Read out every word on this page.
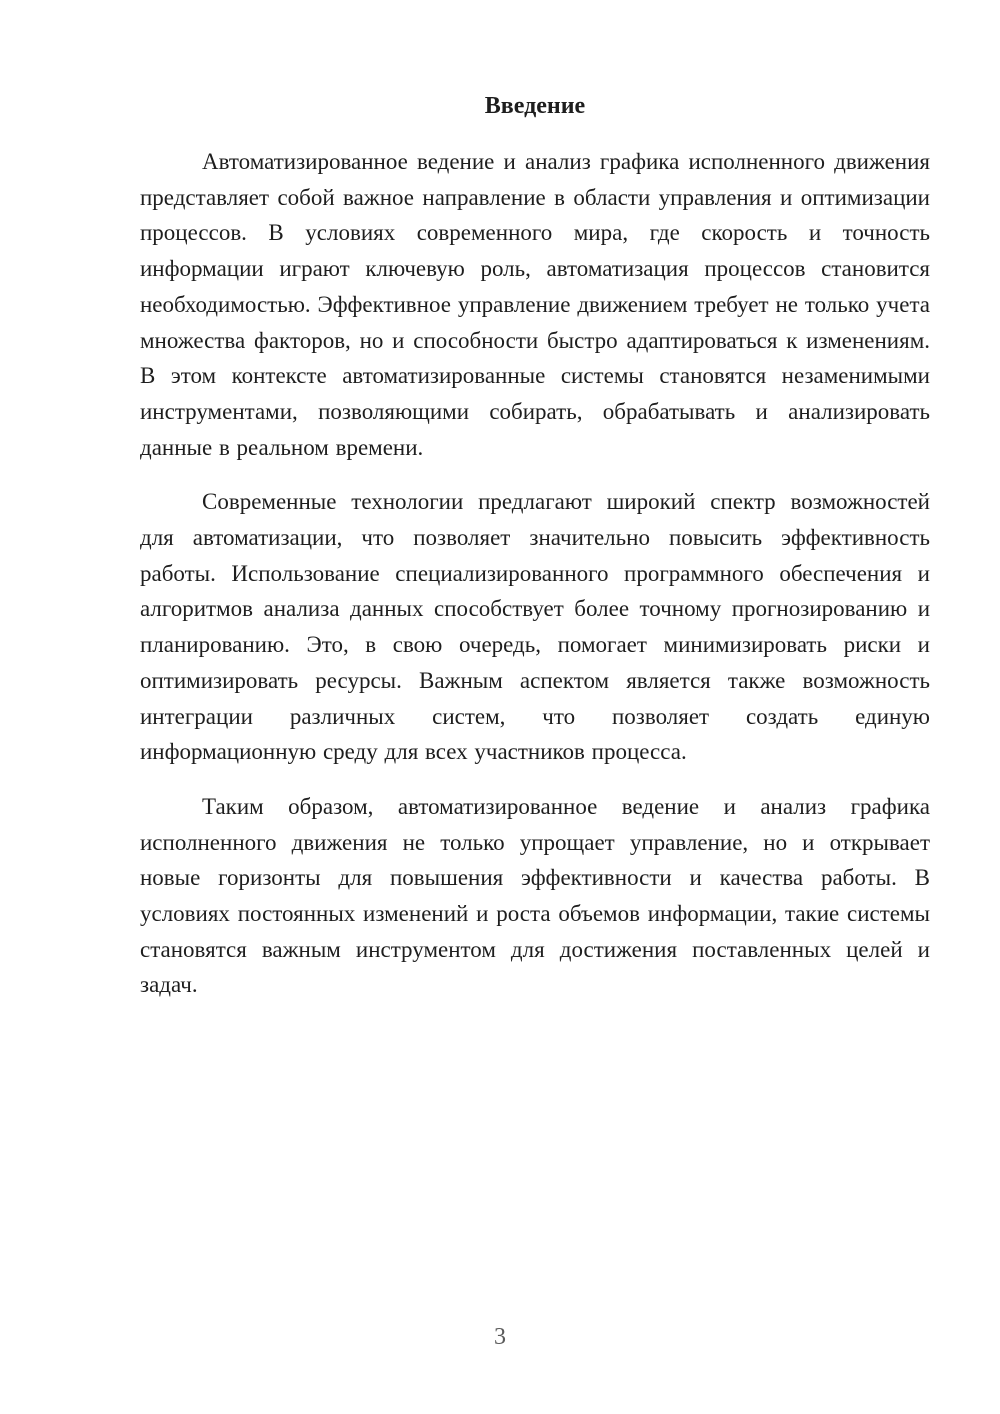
Введение

Автоматизированное ведение и анализ графика исполненного движения представляет собой важное направление в области управления и оптимизации процессов. В условиях современного мира, где скорость и точность информации играют ключевую роль, автоматизация процессов становится необходимостью. Эффективное управление движением требует не только учета множества факторов, но и способности быстро адаптироваться к изменениям. В этом контексте автоматизированные системы становятся незаменимыми инструментами, позволяющими собирать, обрабатывать и анализировать данные в реальном времени.

Современные технологии предлагают широкий спектр возможностей для автоматизации, что позволяет значительно повысить эффективность работы. Использование специализированного программного обеспечения и алгоритмов анализа данных способствует более точному прогнозированию и планированию. Это, в свою очередь, помогает минимизировать риски и оптимизировать ресурсы. Важным аспектом является также возможность интеграции различных систем, что позволяет создать единую информационную среду для всех участников процесса.

Таким образом, автоматизированное ведение и анализ графика исполненного движения не только упрощает управление, но и открывает новые горизонты для повышения эффективности и качества работы. В условиях постоянных изменений и роста объемов информации, такие системы становятся важным инструментом для достижения поставленных целей и задач.

3
